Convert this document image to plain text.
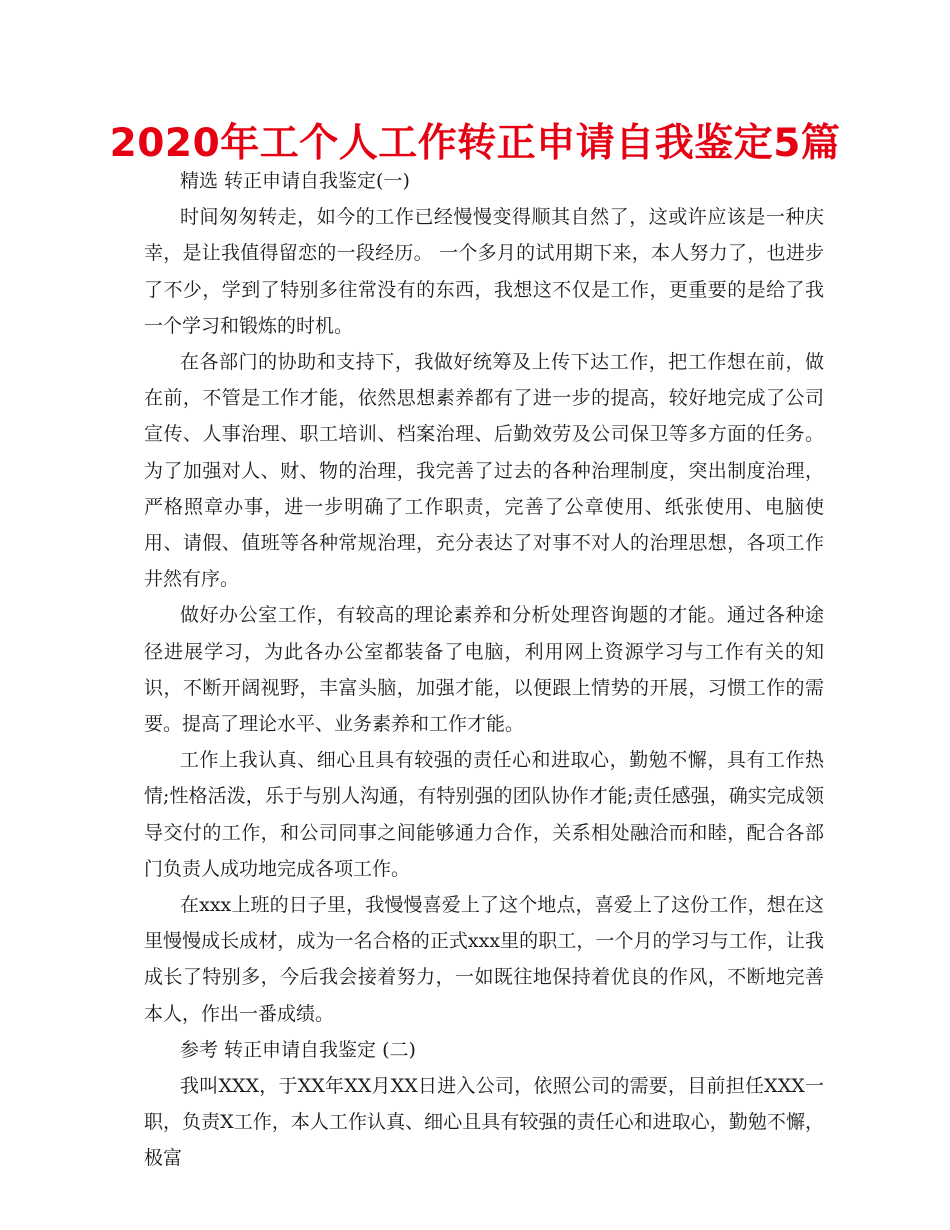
2020年工个人工作转正申请自我鉴定5篇

精选 转正申请自我鉴定(一)

时间匆匆转走，如今的工作已经慢慢变得顺其自然了，这或许应该是一种庆幸，是让我值得留恋的一段经历。 一个多月的试用期下来，本人努力了，也进步了不少，学到了特别多往常没有的东西，我想这不仅是工作，更重要的是给了我一个学习和锻炼的时机。

在各部门的协助和支持下，我做好统筹及上传下达工作，把工作想在前，做在前，不管是工作才能，依然思想素养都有了进一步的提高，较好地完成了公司宣传、人事治理、职工培训、档案治理、后勤效劳及公司保卫等多方面的任务。为了加强对人、财、物的治理，我完善了过去的各种治理制度，突出制度治理，严格照章办事，进一步明确了工作职责，完善了公章使用、纸张使用、电脑使用、请假、值班等各种常规治理，充分表达了对事不对人的治理思想，各项工作井然有序。

做好办公室工作，有较高的理论素养和分析处理咨询题的才能。通过各种途径进展学习，为此各办公室都装备了电脑，利用网上资源学习与工作有关的知识，不断开阔视野，丰富头脑，加强才能，以便跟上情势的开展，习惯工作的需要。提高了理论水平、业务素养和工作才能。

工作上我认真、细心且具有较强的责任心和进取心，勤勉不懈，具有工作热情;性格活泼，乐于与别人沟通，有特别强的团队协作才能;责任感强，确实完成领导交付的工作，和公司同事之间能够通力合作，关系相处融洽而和睦，配合各部门负责人成功地完成各项工作。

在xxx上班的日子里，我慢慢喜爱上了这个地点，喜爱上了这份工作，想在这里慢慢成长成材，成为一名合格的正式xxx里的职工，一个月的学习与工作，让我成长了特别多，今后我会接着努力，一如既往地保持着优良的作风，不断地完善本人，作出一番成绩。

参考 转正申请自我鉴定 (二)

我叫XXX，于XX年XX月XX日进入公司，依照公司的需要，目前担任XXX一职，负责X工作，本人工作认真、细心且具有较强的责任心和进取心，勤勉不懈，极富
